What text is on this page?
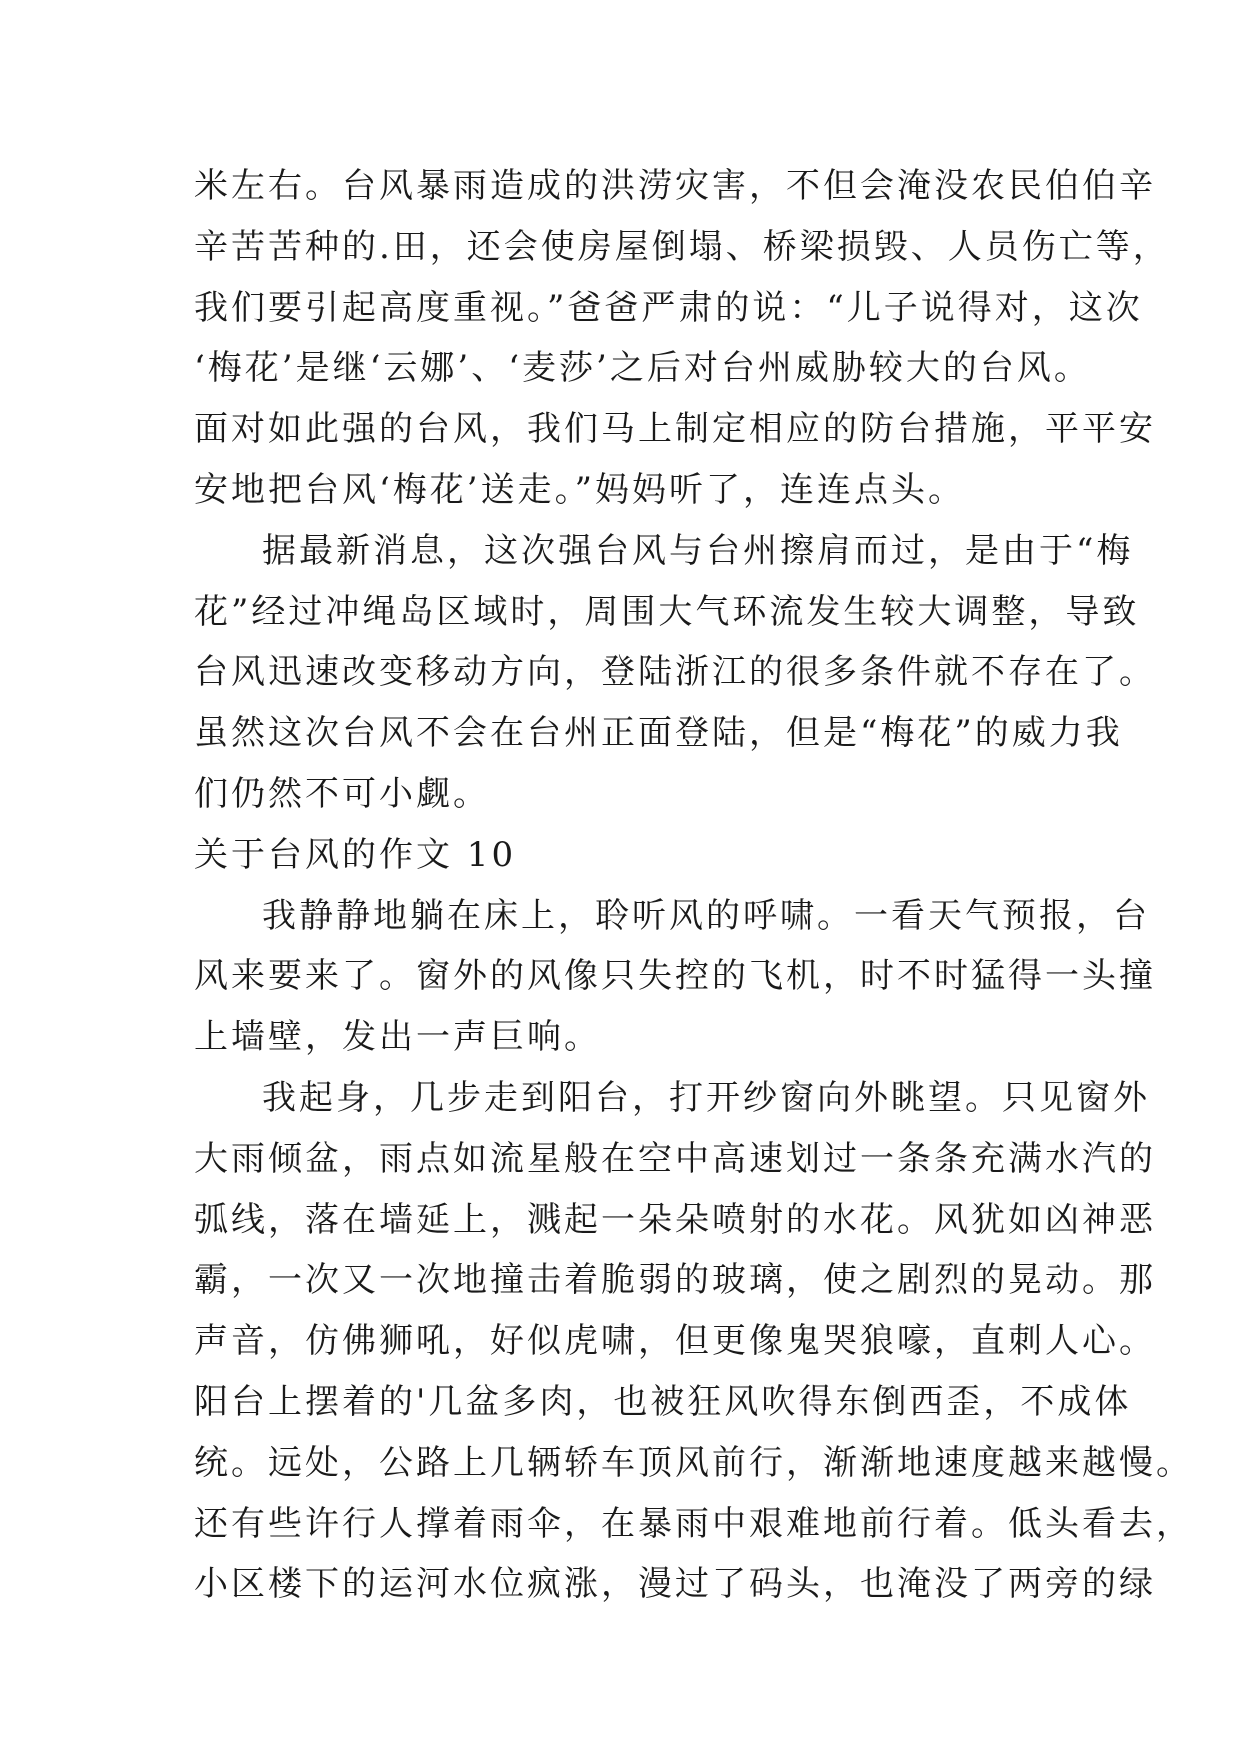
米左右。台风暴雨造成的洪涝灾害，不但会淹没农民伯伯辛
辛苦苦种的.田，还会使房屋倒塌、桥梁损毁、人员伤亡等，
我们要引起高度重视。”爸爸严肃的说：“儿子说得对，这次
‘梅花’是继‘云娜’、‘麦莎’之后对台州威胁较大的台风。
面对如此强的台风，我们马上制定相应的防台措施，平平安
安地把台风‘梅花’送走。”妈妈听了，连连点头。
据最新消息，这次强台风与台州擦肩而过，是由于“梅
花”经过冲绳岛区域时，周围大气环流发生较大调整，导致
台风迅速改变移动方向，登陆浙江的很多条件就不存在了。
虽然这次台风不会在台州正面登陆，但是“梅花”的威力我
们仍然不可小觑。
关于台风的作文 10
我静静地躺在床上，聆听风的呼啸。一看天气预报，台
风来要来了。窗外的风像只失控的飞机，时不时猛得一头撞
上墙壁，发出一声巨响。
我起身，几步走到阳台，打开纱窗向外眺望。只见窗外
大雨倾盆，雨点如流星般在空中高速划过一条条充满水汽的
弧线，落在墙延上，溅起一朵朵喷射的水花。风犹如凶神恶
霸，一次又一次地撞击着脆弱的玻璃，使之剧烈的晃动。那
声音，仿佛狮吼，好似虎啸，但更像鬼哭狼嚎，直刺人心。
阳台上摆着的'几盆多肉，也被狂风吹得东倒西歪，不成体
统。远处，公路上几辆轿车顶风前行，渐渐地速度越来越慢。
还有些许行人撑着雨伞，在暴雨中艰难地前行着。低头看去，
小区楼下的运河水位疯涨，漫过了码头，也淹没了两旁的绿
